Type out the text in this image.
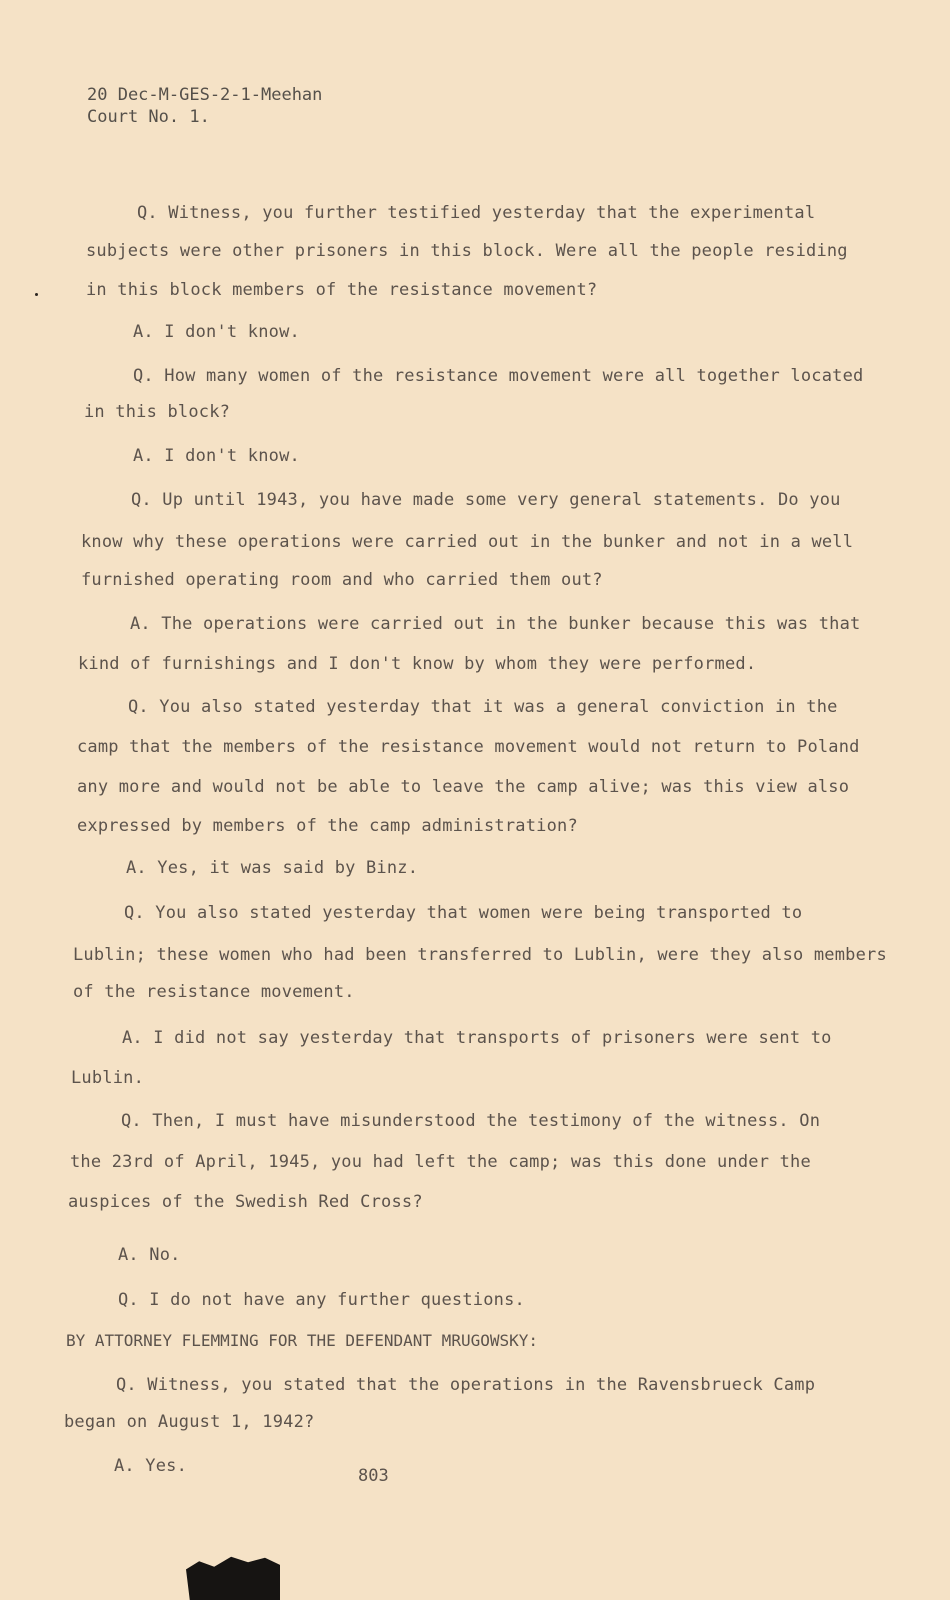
20 Dec-M-GES-2-1-Meehan
Court No. 1.
Q. Witness, you further testified yesterday that the experimental
subjects were other prisoners in this block. Were all the people residing
in this block members of the resistance movement?
A. I don't know.
Q. How many women of the resistance movement were all together located
in this block?
A. I don't know.
Q. Up until 1943, you have made some very general statements. Do you
know why these operations were carried out in the bunker and not in a well
furnished operating room and who carried them out?
A. The operations were carried out in the bunker because this was that
kind of furnishings and I don't know by whom they were performed.
Q. You also stated yesterday that it was a general conviction in the
camp that the members of the resistance movement would not return to Poland
any more and would not be able to leave the camp alive; was this view also
expressed by members of the camp administration?
A. Yes, it was said by Binz.
Q. You also stated yesterday that women were being transported to
Lublin; these women who had been transferred to Lublin, were they also members
of the resistance movement.
A. I did not say yesterday that transports of prisoners were sent to
Lublin.
Q. Then, I must have misunderstood the testimony of the witness. On
the 23rd of April, 1945, you had left the camp; was this done under the
auspices of the Swedish Red Cross?
A. No.
Q. I do not have any further questions.
BY ATTORNEY FLEMMING FOR THE DEFENDANT MRUGOWSKY:
Q. Witness, you stated that the operations in the Ravensbrueck Camp
began on August 1, 1942?
A. Yes.	803
